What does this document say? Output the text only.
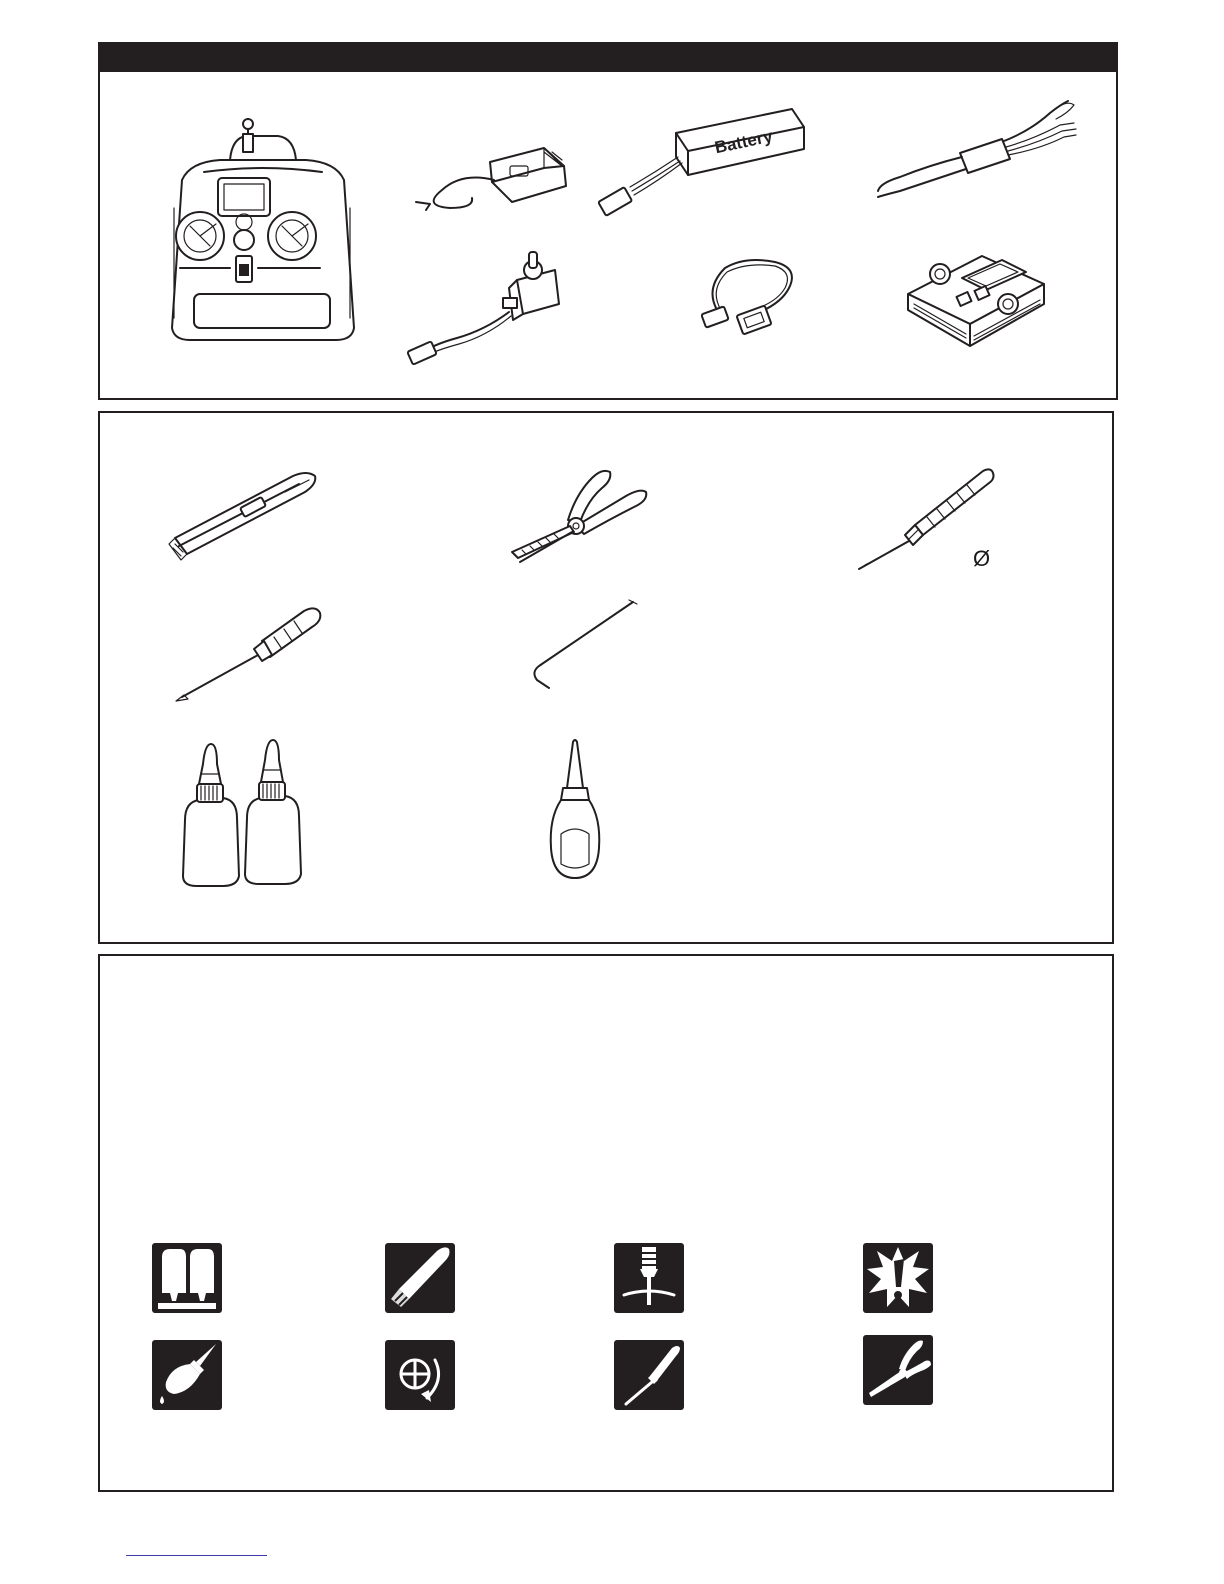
Battery
Ø
